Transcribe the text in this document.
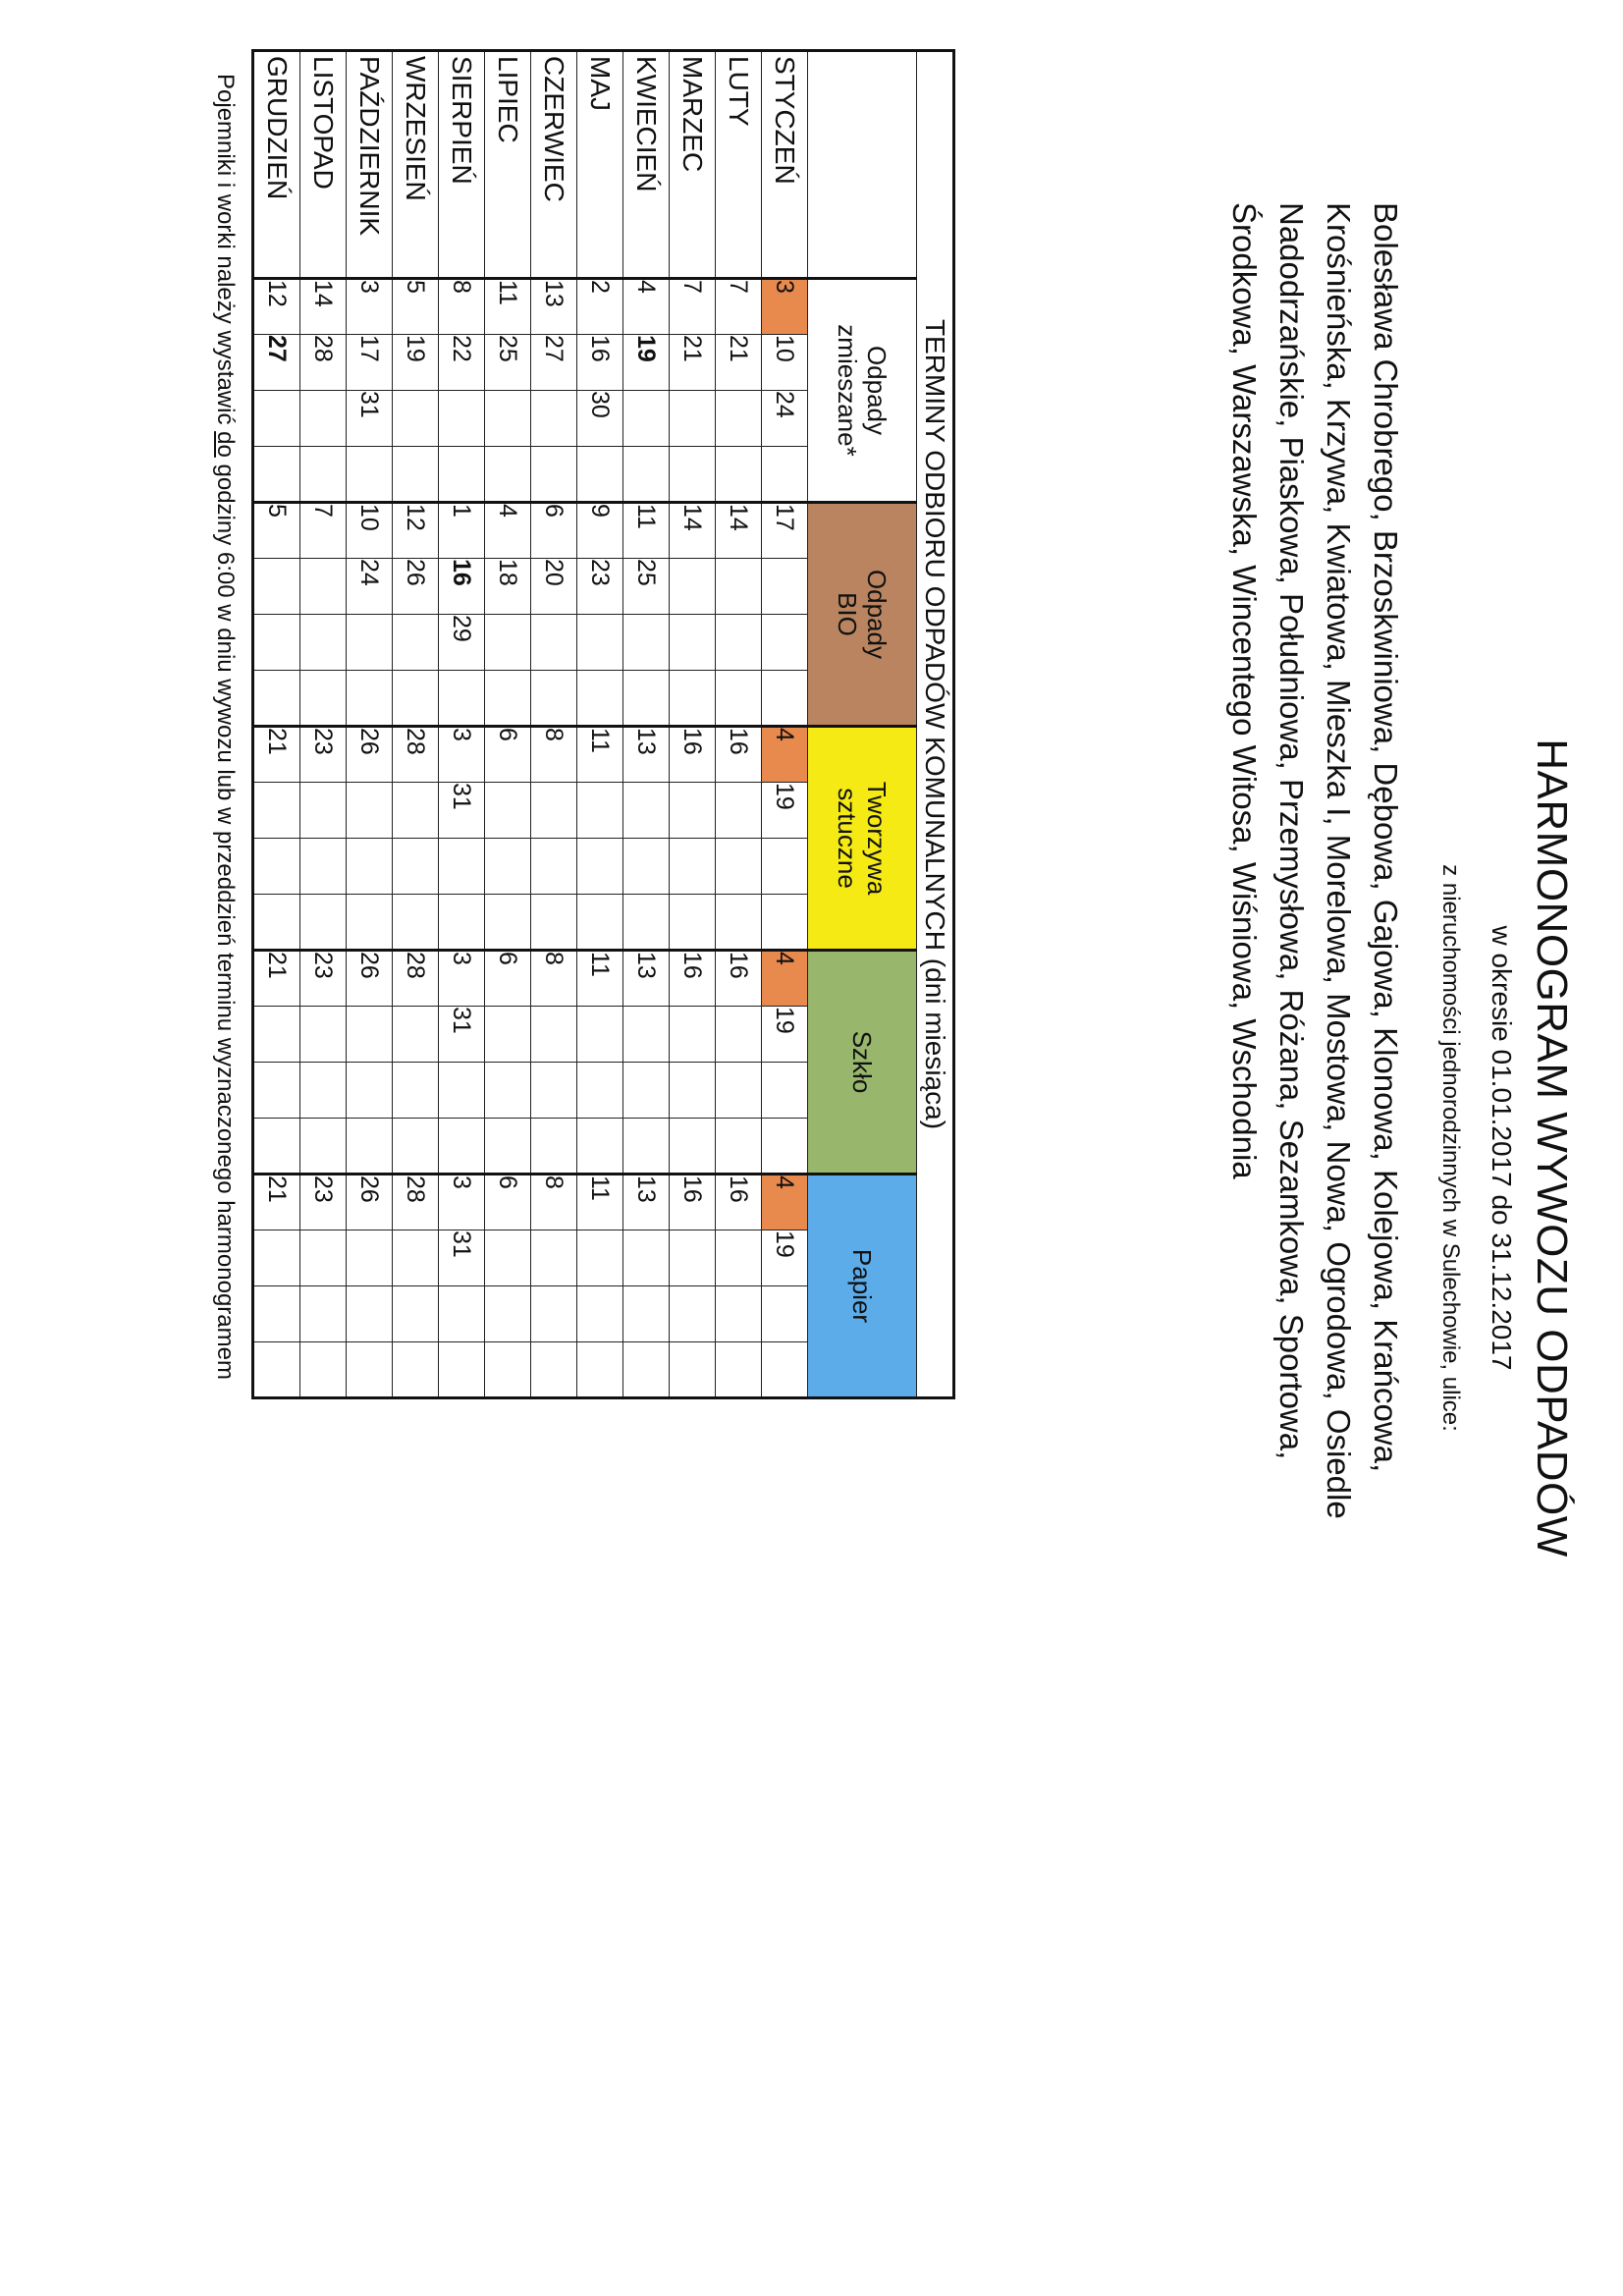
HARMONOGRAM WYWOZU ODPADÓW
w okresie 01.01.2017 do 31.12.2017
z nieruchomości jednorodzinnych w Sulechowie, ulice:

Bolesława Chrobrego, Brzoskwiniowa, Dębowa, Gajowa, Klonowa, Kolejowa, Krańcowa,

Krośnieńska, Krzywa, Kwiatowa, Mieszka I, Morelowa, Mostowa, Nowa, Ogrodowa, Osiedle

Nadodrzańskie, Piaskowa, Południowa, Przemysłowa, Różana, Sezamkowa, Sportowa,

Środkowa, Warszawska, Wincentego Witosa, Wiśniowa, Wschodnia

TERMINY ODBIORU ODPADÓW KOMUNALNYCH (dni miesiąca)																				

	Odpady
zmieszane*				Odpady
BIO				Tworzywa
sztuczne				Szkło				Papier			

STYCZEŃ	3	10	24		17				4	19			4	19			4	19		
LUTY	7	21			14				16				16				16			
MARZEC	7	21			14				16				16				16			
KWIECIEŃ	4	19			11	25			13				13				13			
MAJ	2	16	30		9	23			11				11				11			
CZERWIEC	13	27			6	20			8				8				8			
LIPIEC	11	25			4	18			6				6				6			
SIERPIEŃ	8	22			1	16	29		3	31			3	31			3	31		
WRZESIEŃ	5	19			12	26			28				28				28			
PAŹDZIERNIK	3	17	31		10	24			26				26				26			
LISTOPAD	14	28			7				23				23				23			
GRUDZIEŃ	12	27			5				21				21				21			
Pojemniki i worki należy wystawić do godziny 6:00 w dniu wywozu lub w przeddzień terminu wyznaczonego harmonogramem
